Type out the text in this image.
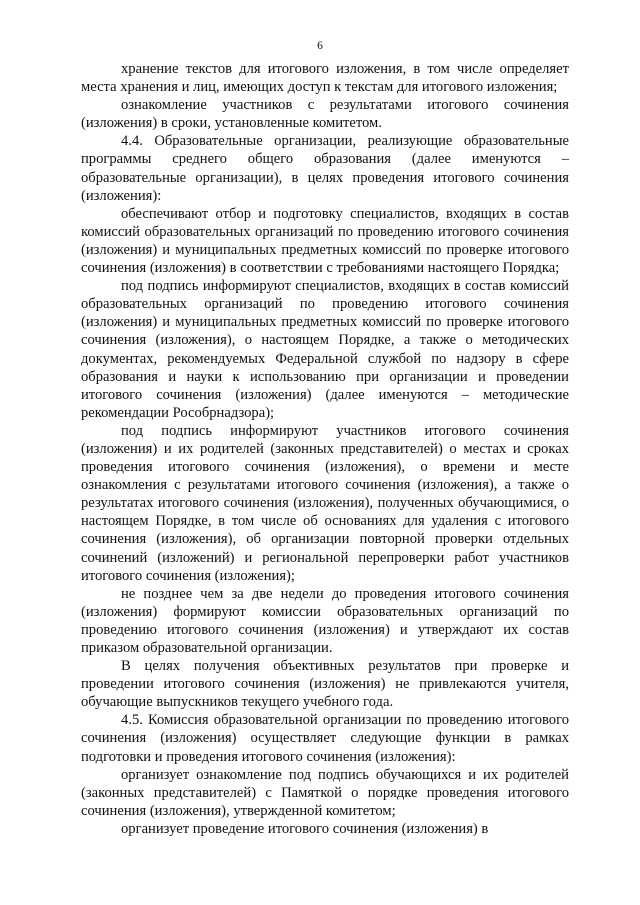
6

хранение текстов для итогового изложения, в том числе определяет места хранения и лиц, имеющих доступ к текстам для итогового изложения;

ознакомление участников с результатами итогового сочинения (изложения) в сроки, установленные комитетом.

4.4. Образовательные организации, реализующие образовательные программы среднего общего образования (далее именуются – образовательные организации), в целях проведения итогового сочинения (изложения):

обеспечивают отбор и подготовку специалистов, входящих в состав комиссий образовательных организаций по проведению итогового сочинения (изложения) и муниципальных предметных комиссий по проверке итогового сочинения (изложения) в соответствии с требованиями настоящего Порядка;

под подпись информируют специалистов, входящих в состав комиссий образовательных организаций по проведению итогового сочинения (изложения) и муниципальных предметных комиссий по проверке итогового сочинения (изложения), о настоящем Порядке, а также о методических документах, рекомендуемых Федеральной службой по надзору в сфере образования и науки к использованию при организации и проведении итогового сочинения (изложения) (далее именуются – методические рекомендации Рособрнадзора);

под подпись информируют участников итогового сочинения (изложения) и их родителей (законных представителей) о местах и сроках проведения итогового сочинения (изложения), о времени и месте ознакомления с результатами итогового сочинения (изложения), а также о результатах итогового сочинения (изложения), полученных обучающимися, о настоящем Порядке, в том числе об основаниях для удаления с итогового сочинения (изложения), об организации повторной проверки отдельных сочинений (изложений) и региональной перепроверки работ участников итогового сочинения (изложения);

не позднее чем за две недели до проведения итогового сочинения (изложения) формируют комиссии образовательных организаций по проведению итогового сочинения (изложения) и утверждают их состав приказом образовательной организации.

В целях получения объективных результатов при проверке и проведении итогового сочинения (изложения) не привлекаются учителя, обучающие выпускников текущего учебного года.

4.5. Комиссия образовательной организации по проведению итогового сочинения (изложения) осуществляет следующие функции в рамках подготовки и проведения итогового сочинения (изложения):

организует ознакомление под подпись обучающихся и их родителей (законных представителей) с Памяткой о порядке проведения итогового сочинения (изложения), утвержденной комитетом;

организует проведение итогового сочинения (изложения) в
